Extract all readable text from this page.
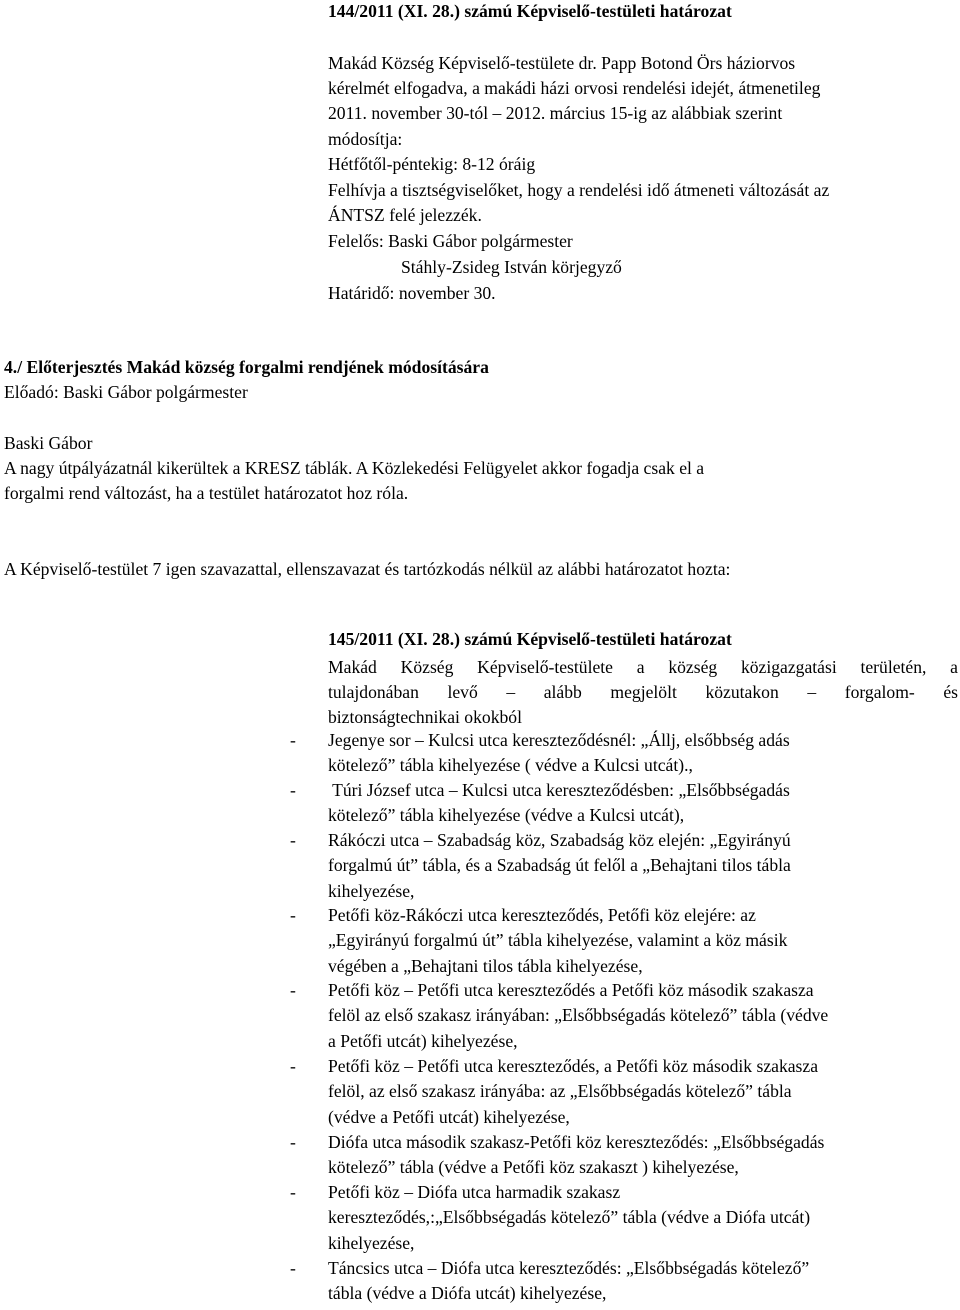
144/2011 (XI. 28.) számú Képviselő-testületi határozat
Makád Község Képviselő-testülete dr. Papp Botond Örs háziorvos
kérelmét elfogadva, a makádi házi orvosi rendelési idejét, átmenetileg
2011. november 30-tól – 2012. március 15-ig az alábbiak szerint
módosítja:
Hétfőtől-péntekig: 8-12 óráig
Felhívja a tisztségviselőket, hogy a rendelési idő átmeneti változását az
ÁNTSZ felé jelezzék.
Felelős: Baski Gábor polgármester
Stáhly-Zsideg István körjegyző
Határidő: november 30.
4./ Előterjesztés Makád község forgalmi rendjének módosítására
Előadó: Baski Gábor polgármester
Baski Gábor
A nagy útpályázatnál kikerültek a KRESZ táblák. A Közlekedési Felügyelet akkor fogadja csak el a
forgalmi rend változást, ha a testület határozatot hoz róla.
A Képviselő-testület 7 igen szavazattal, ellenszavazat és tartózkodás nélkül az alábbi határozatot hozta:
145/2011 (XI. 28.) számú Képviselő-testületi határozat
Makád Község Képviselő-testülete a község közigazgatási területén, a
tulajdonában levő – alább megjelölt közutakon – forgalom- és
biztonságtechnikai okokból
- Jegenye sor – Kulcsi utca kereszteződésnél: „Állj, elsőbbség adás
kötelező” tábla kihelyezése ( védve a Kulcsi utcát).,
- Túri József utca – Kulcsi utca kereszteződésben: „Elsőbbségadás
kötelező” tábla kihelyezése (védve a Kulcsi utcát),
- Rákóczi utca – Szabadság köz, Szabadság köz elején: „Egyirányú
forgalmú út” tábla, és a Szabadság út felől a „Behajtani tilos tábla
kihelyezése,
- Petőfi köz-Rákóczi utca kereszteződés, Petőfi köz elejére: az
„Egyirányú forgalmú út” tábla kihelyezése, valamint a köz másik
végében a „Behajtani tilos tábla kihelyezése,
- Petőfi köz – Petőfi utca kereszteződés a Petőfi köz második szakasza
felöl az első szakasz irányában: „Elsőbbségadás kötelező” tábla (védve
a Petőfi utcát) kihelyezése,
- Petőfi köz – Petőfi utca kereszteződés, a Petőfi köz második szakasza
felöl, az első szakasz irányába: az „Elsőbbségadás kötelező” tábla
(védve a Petőfi utcát) kihelyezése,
- Diófa utca második szakasz-Petőfi köz kereszteződés: „Elsőbbségadás
kötelező” tábla (védve a Petőfi köz szakaszt ) kihelyezése,
- Petőfi köz – Diófa utca harmadik szakasz
kereszteződés,:„Elsőbbségadás kötelező” tábla (védve a Diófa utcát)
kihelyezése,
- Táncsics utca – Diófa utca kereszteződés: „Elsőbbségadás kötelező”
tábla (védve a Diófa utcát) kihelyezése,
